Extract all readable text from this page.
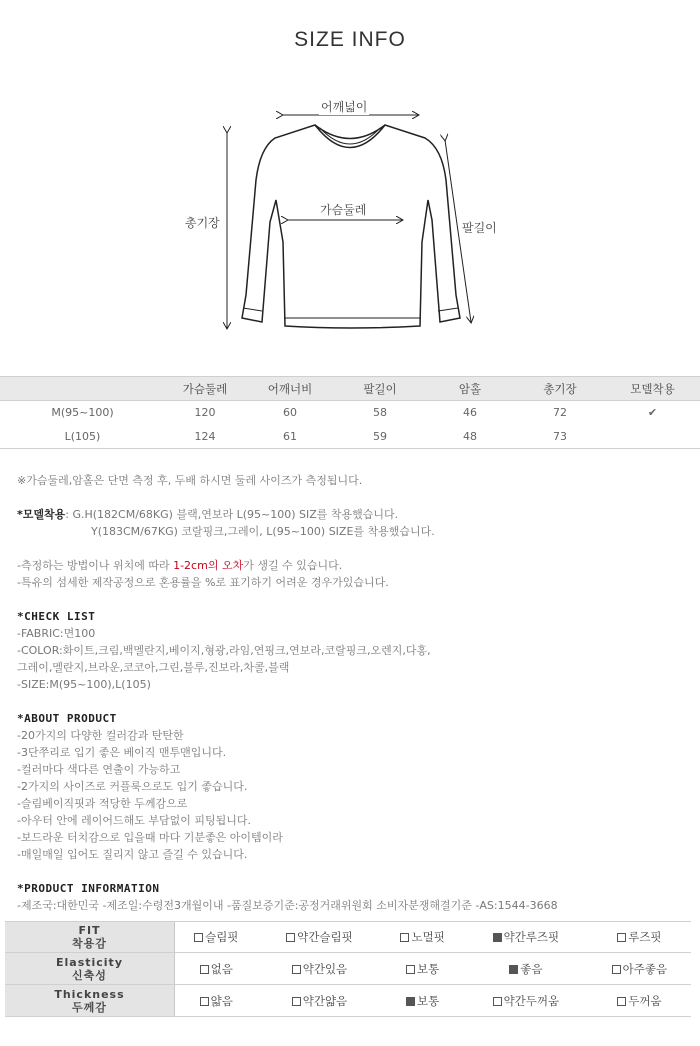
SIZE INFO
어깨넓이
가슴둘레
총기장	팔길이
	가슴둘레	어깨너비	팔길이	암홀	총기장	모델착용
M(95~100)	120	60	58	46	72	✔
L(105)	124	61	59	48	73	

※가슴둘레,암홀은 단면 측정 후, 두배 하시면 둘레 사이즈가 측정됩니다.

*모델착용: G.H(182CM/68KG) 블랙,연보라 L(95~100) SIZ를 착용했습니다.

Y(183CM/67KG) 코랄핑크,그레이, L(95~100) SIZE를 착용했습니다.

-측정하는 방법이나 위치에 따라 1-2cm의 오차가 생길 수 있습니다.

-특유의 섬세한 제작공정으로 혼용률을 %로 표기하기 어려운 경우가있습니다.

*CHECK LIST

-FABRIC:면100

-COLOR:화이트,크림,백멜란지,베이지,형광,라임,연핑크,연보라,코랄핑크,오렌지,다홍,

그레이,멜란지,브라운,코코아,그린,블루,진보라,차콜,블랙

-SIZE:M(95~100),L(105)

*ABOUT PRODUCT

-20가지의 다양한 컬러감과 탄탄한

-3단쭈리로 입기 좋은 베이직 맨투맨입니다.

-컬러마다 색다른 연출이 가능하고

-2가지의 사이즈로 커플룩으로도 입기 좋습니다.

-슬림베이직핏과 적당한 두께감으로

-아우터 안에 레이어드해도 부담없이 피팅됩니다.

-보드라운 터치감으로 입을때 마다 기분좋은 아이템이라

-매일매일 입어도 질리지 않고 즐길 수 있습니다.

*PRODUCT INFORMATION

-제조국:대한민국 -제조일:수령전3개월이내 -품질보증기준:공정거래위원회 소비자분쟁해결기준 -AS:1544-3668

FIT
착용감	슬림핏	약간슬림핏	노멀핏	약간루즈핏	루즈핏
Elasticity
신축성	없음	약간있음	보통	좋음	아주좋음
Thickness
두께감	얇음	약간얇음	보통	약간두꺼움	두꺼움
